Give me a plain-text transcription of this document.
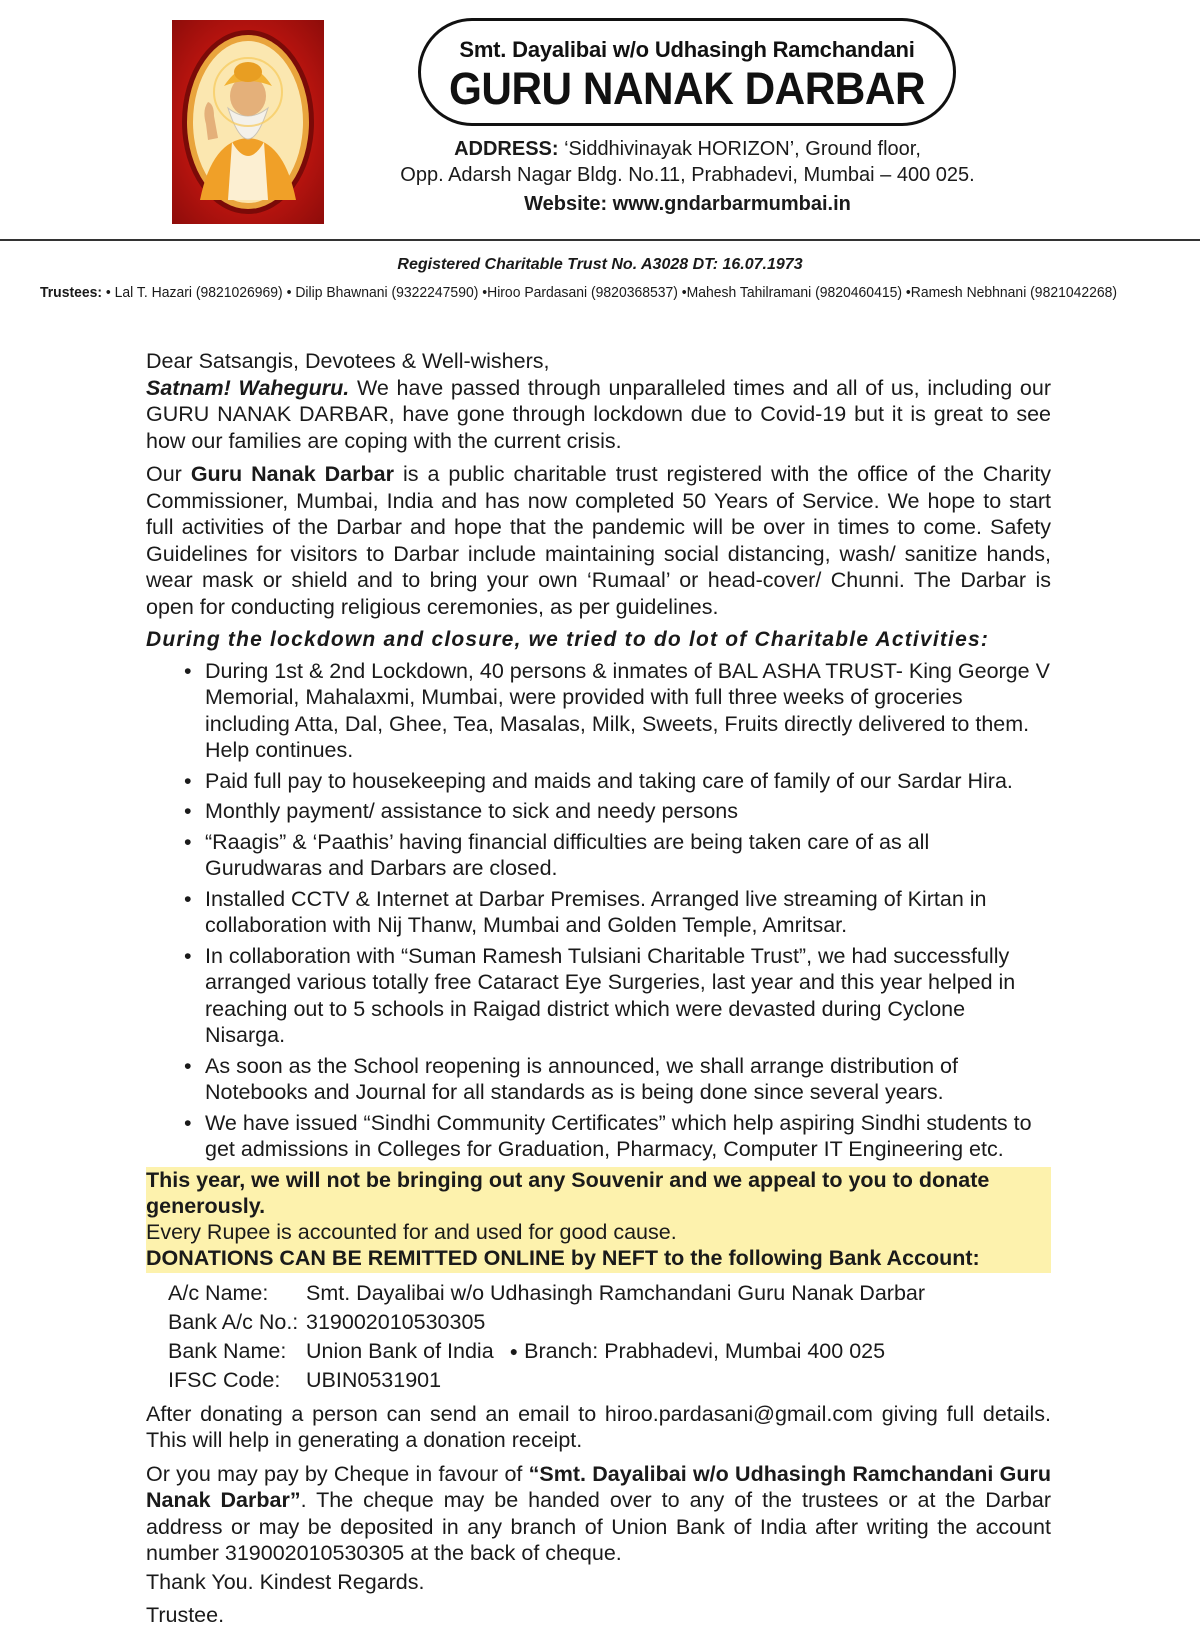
Smt. Dayalibai w/o Udhasingh Ramchandani
GURU NANAK DARBAR
ADDRESS: ‘Siddhivinayak HORIZON’, Ground floor,
Opp. Adarsh Nagar Bldg. No.11, Prabhadevi, Mumbai – 400 025.
Website: www.gndarbarmumbai.in
Registered Charitable Trust No. A3028 DT: 16.07.1973
Trustees: • Lal T. Hazari (9821026969) • Dilip Bhawnani (9322247590) •Hiroo Pardasani (9820368537) •Mahesh Tahilramani (9820460415) •Ramesh Nebhnani (9821042268)

Dear Satsangis, Devotees & Well-wishers,

Satnam! Waheguru. We have passed through unparalleled times and all of us, including our GURU NANAK DARBAR, have gone through lockdown due to Covid-19 but it is great to see how our families are coping with the current crisis.

Our Guru Nanak Darbar is a public charitable trust registered with the office of the Charity Commissioner, Mumbai, India and has now completed 50 Years of Service. We hope to start full activities of the Darbar and hope that the pandemic will be over in times to come. Safety Guidelines for visitors to Darbar include maintaining social distancing, wash/ sanitize hands, wear mask or shield and to bring your own ‘Rumaal’ or head-cover/ Chunni. The Darbar is open for conducting religious ceremonies, as per guidelines.

During the lockdown and closure, we tried to do lot of Charitable Activities:
• During 1st & 2nd Lockdown, 40 persons & inmates of BAL ASHA TRUST- King George V Memorial, Mahalaxmi, Mumbai, were provided with full three weeks of groceries including Atta, Dal, Ghee, Tea, Masalas, Milk, Sweets, Fruits directly delivered to them. Help continues.
• Paid full pay to housekeeping and maids and taking care of family of our Sardar Hira.
• Monthly payment/ assistance to sick and needy persons
• “Raagis” & ‘Paathis’ having financial difficulties are being taken care of as all Gurudwaras and Darbars are closed.
• Installed CCTV & Internet at Darbar Premises. Arranged live streaming of Kirtan in collaboration with Nij Thanw, Mumbai and Golden Temple, Amritsar.
• In collaboration with “Suman Ramesh Tulsiani Charitable Trust”, we had successfully arranged various totally free Cataract Eye Surgeries, last year and this year helped in reaching out to 5 schools in Raigad district which were devasted during Cyclone Nisarga.
• As soon as the School reopening is announced, we shall arrange distribution of Notebooks and Journal for all standards as is being done since several years.
• We have issued “Sindhi Community Certificates” which help aspiring Sindhi students to get admissions in Colleges for Graduation, Pharmacy, Computer IT Engineering etc.
This year, we will not be bringing out any Souvenir and we appeal to you to donate generously.
Every Rupee is accounted for and used for good cause.
DONATIONS CAN BE REMITTED ONLINE by NEFT to the following Bank Account:
A/c Name:	Smt. Dayalibai w/o Udhasingh Ramchandani Guru Nanak Darbar
Bank A/c No.: 319002010530305
Bank Name: Union Bank of India ● Branch: Prabhadevi, Mumbai 400 025
IFSC Code:	UBIN0531901

After donating a person can send an email to hiroo.pardasani@gmail.com giving full details. This will help in generating a donation receipt.

Or you may pay by Cheque in favour of “Smt. Dayalibai w/o Udhasingh Ramchandani Guru Nanak Darbar”. The cheque may be handed over to any of the trustees or at the Darbar address or may be deposited in any branch of Union Bank of India after writing the account number 319002010530305 at the back of cheque.

Thank You. Kindest Regards.

Trustee.
